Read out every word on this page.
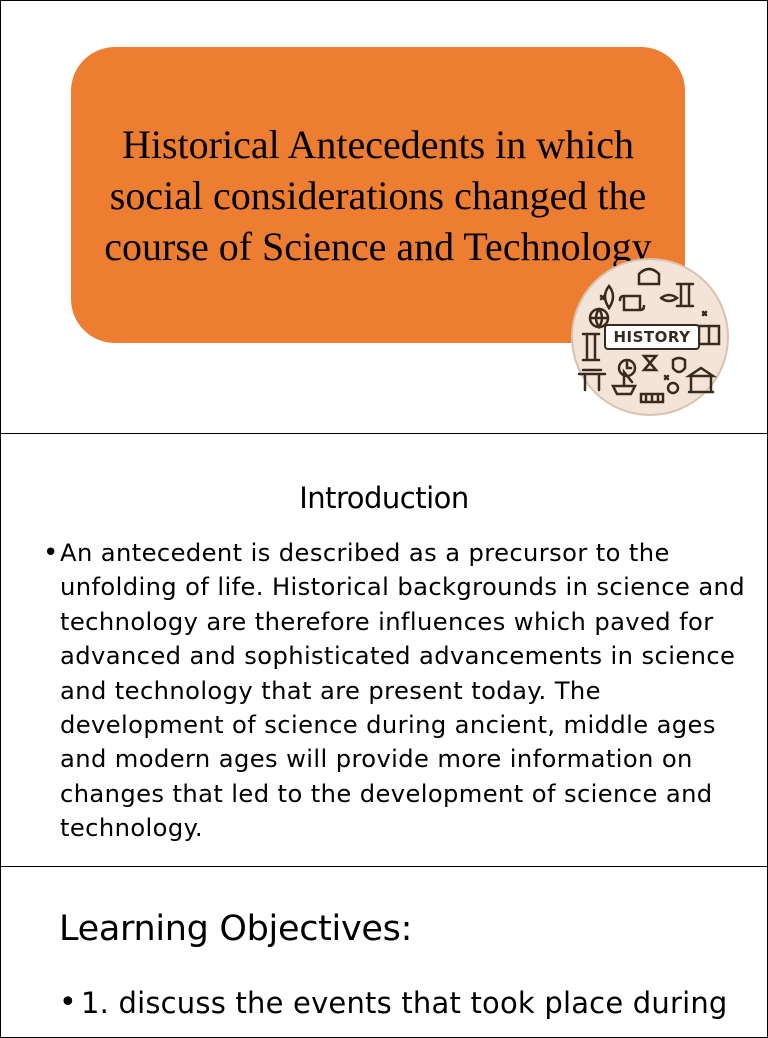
Historical Antecedents in which social considerations changed the course of Science and Technology
HISTORY
Introduction
• An antecedent is described as a precursor to the unfolding of life. Historical backgrounds in science and technology are therefore influences which paved for advanced and sophisticated advancements in science and technology that are present today. The development of science during ancient, middle ages and modern ages will provide more information on changes that led to the development of science and technology.
Learning Objectives:
• 1. discuss the events that took place during
